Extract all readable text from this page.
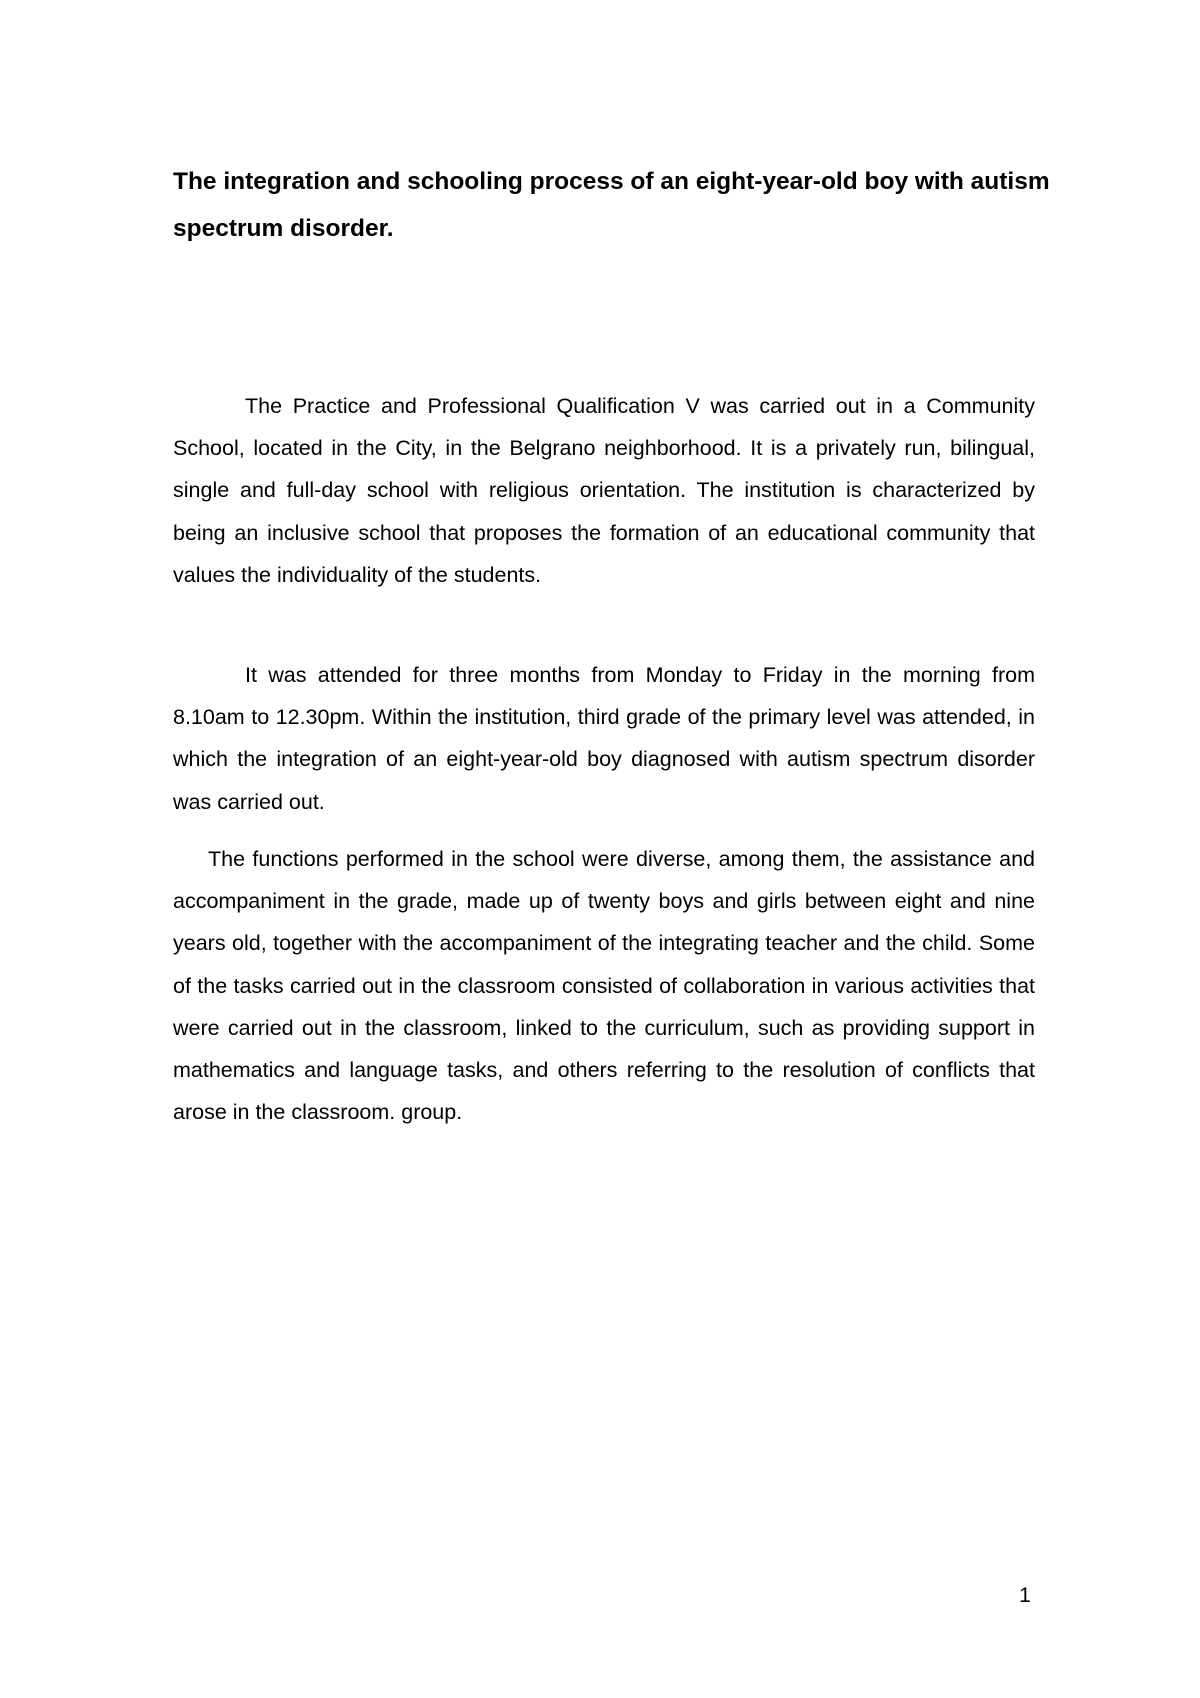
The integration and schooling process of an eight-year-old boy with autism spectrum disorder.

The Practice and Professional Qualification V was carried out in a Community School, located in the City, in the Belgrano neighborhood. It is a privately run, bilingual, single and full-day school with religious orientation. The institution is characterized by being an inclusive school that proposes the formation of an educational community that values the individuality of the students.

It was attended for three months from Monday to Friday in the morning from 8.10am to 12.30pm. Within the institution, third grade of the primary level was attended, in which the integration of an eight-year-old boy diagnosed with autism spectrum disorder was carried out.

The functions performed in the school were diverse, among them, the assistance and accompaniment in the grade, made up of twenty boys and girls between eight and nine years old, together with the accompaniment of the integrating teacher and the child. Some of the tasks carried out in the classroom consisted of collaboration in various activities that were carried out in the classroom, linked to the curriculum, such as providing support in mathematics and language tasks, and others referring to the resolution of conflicts that arose in the classroom. group.

1
